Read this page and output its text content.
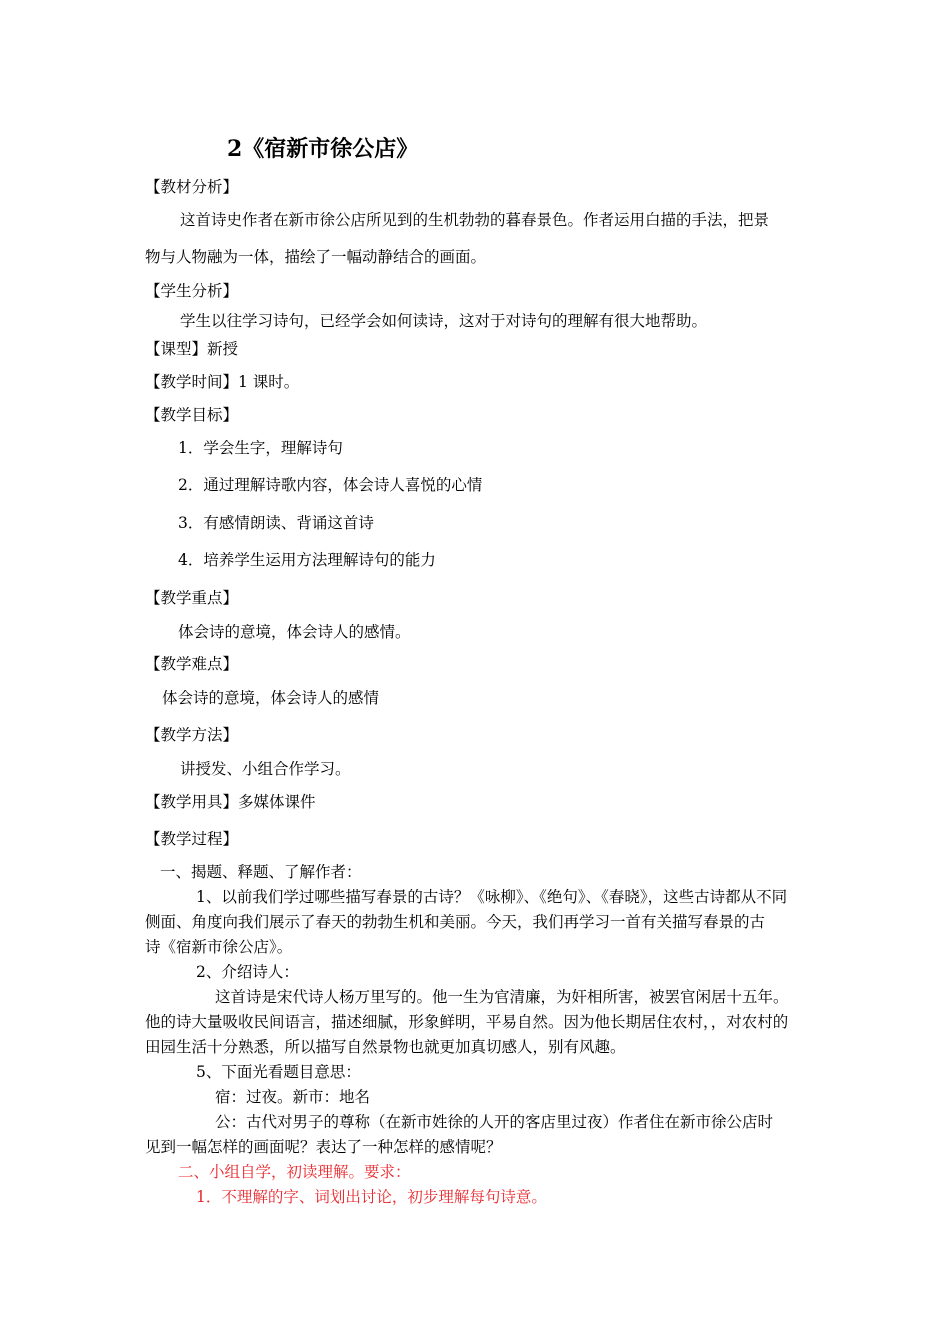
2《宿新市徐公店》
【教材分析】
这首诗史作者在新市徐公店所见到的生机勃勃的暮春景色。作者运用白描的手法，把景
物与人物融为一体，描绘了一幅动静结合的画面。
【学生分析】
学生以往学习诗句，已经学会如何读诗，这对于对诗句的理解有很大地帮助。
【课型】新授
【教学时间】1 课时。
【教学目标】
1．学会生字，理解诗句
2．通过理解诗歌内容，体会诗人喜悦的心情
3．有感情朗读、背诵这首诗
4．培养学生运用方法理解诗句的能力
【教学重点】
体会诗的意境，体会诗人的感情。
【教学难点】
体会诗的意境，体会诗人的感情
【教学方法】
讲授发、小组合作学习。
【教学用具】多媒体课件
【教学过程】
一、揭题、释题、了解作者：
1、以前我们学过哪些描写春景的古诗？《咏柳》、《绝句》、《春晓》，这些古诗都从不同
侧面、角度向我们展示了春天的勃勃生机和美丽。今天，我们再学习一首有关描写春景的古
诗《宿新市徐公店》。
2、介绍诗人：
这首诗是宋代诗人杨万里写的。他一生为官清廉，为奸相所害，被罢官闲居十五年。
他的诗大量吸收民间语言，描述细腻，形象鲜明，平易自然。因为他长期居住农村，，对农村的
田园生活十分熟悉，所以描写自然景物也就更加真切感人，别有风趣。
5、下面光看题目意思：
宿：过夜。新市：地名
公：古代对男子的尊称（在新市姓徐的人开的客店里过夜）作者住在新市徐公店时
见到一幅怎样的画面呢？表达了一种怎样的感情呢？
二、小组自学，初读理解。要求：
1．不理解的字、词划出讨论，初步理解每句诗意。
